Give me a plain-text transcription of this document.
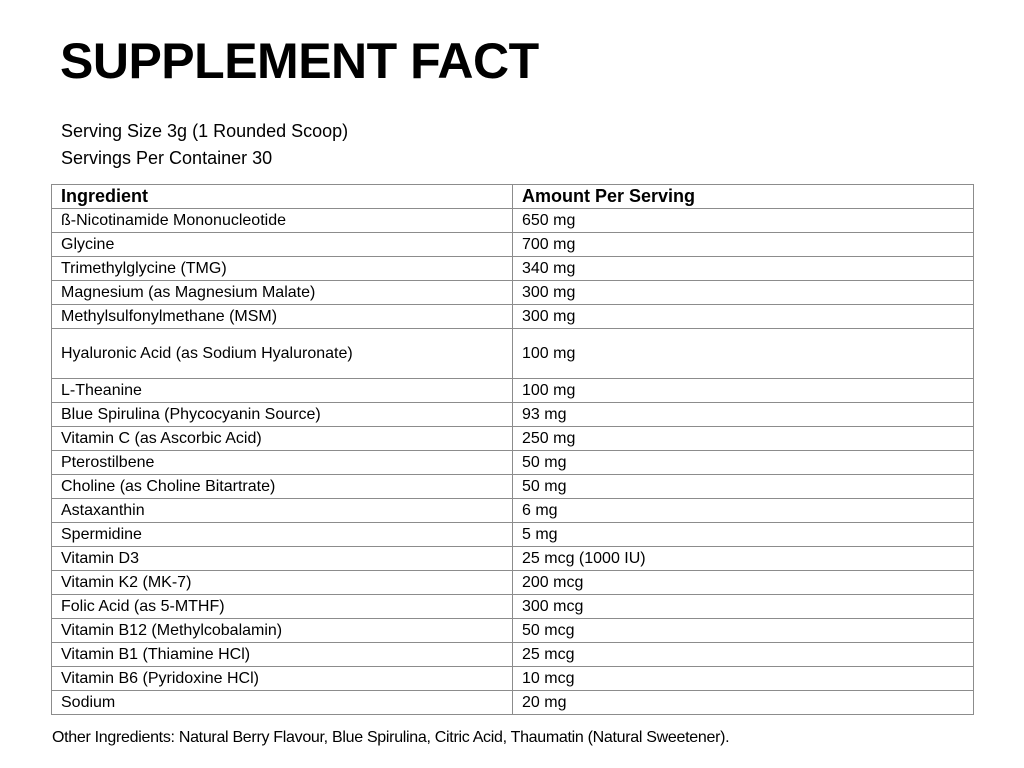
SUPPLEMENT FACT
Serving Size 3g (1 Rounded Scoop)
Servings Per Container 30
Ingredient	Amount Per Serving
ß-Nicotinamide Mononucleotide	650 mg
Glycine	700 mg
Trimethylglycine (TMG)	340 mg
Magnesium (as Magnesium Malate)	300 mg
Methylsulfonylmethane (MSM)	300 mg
Hyaluronic Acid (as Sodium Hyaluronate)	100 mg
L-Theanine	100 mg
Blue Spirulina (Phycocyanin Source)	93 mg
Vitamin C (as Ascorbic Acid)	250 mg
Pterostilbene	50 mg
Choline (as Choline Bitartrate)	50 mg
Astaxanthin	6 mg
Spermidine	5 mg
Vitamin D3	25 mcg (1000 IU)
Vitamin K2 (MK-7)	200 mcg
Folic Acid (as 5-MTHF)	300 mcg
Vitamin B12 (Methylcobalamin)	50 mcg
Vitamin B1 (Thiamine HCl)	25 mcg
Vitamin B6 (Pyridoxine HCl)	10 mcg
Sodium	20 mg
Other Ingredients: Natural Berry Flavour, Blue Spirulina, Citric Acid, Thaumatin (Natural Sweetener).
